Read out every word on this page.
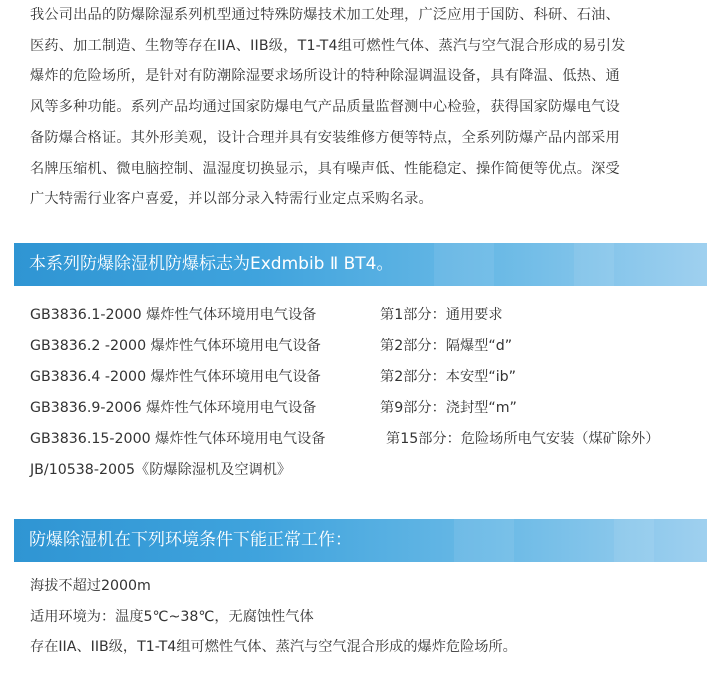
我公司出品的防爆除湿系列机型通过特殊防爆技术加工处理，广泛应用于国防、科研、石油、

医药、加工制造、生物等存在IIA、IIB级，T1-T4组可燃性气体、蒸汽与空气混合形成的易引发

爆炸的危险场所，是针对有防潮除湿要求场所设计的特种除湿调温设备，具有降温、低热、通

风等多种功能。系列产品均通过国家防爆电气产品质量监督测中心检验，获得国家防爆电气设

备防爆合格证。其外形美观，设计合理并具有安装维修方便等特点，全系列防爆产品内部采用

名牌压缩机、微电脑控制、温湿度切换显示，具有噪声低、性能稳定、操作简便等优点。深受

广大特需行业客户喜爱，并以部分录入特需行业定点采购名录。

本系列防爆除湿机防爆标志为Exdmbib Ⅱ BT4。
GB3836.1-2000 爆炸性气体环境用电气设备	第1部分：通用要求
GB3836.2 -2000 爆炸性气体环境用电气设备	第2部分：隔爆型“d”
GB3836.4 -2000 爆炸性气体环境用电气设备	第2部分：本安型“ib”
GB3836.9-2006 爆炸性气体环境用电气设备	第9部分：浇封型“m”
GB3836.15-2000 爆炸性气体环境用电气设备	第15部分：危险场所电气安装（煤矿除外）
JB/10538-2005《防爆除湿机及空调机》
防爆除湿机在下列环境条件下能正常工作：

海拔不超过2000m

适用环境为：温度5℃~38℃，无腐蚀性气体

存在IIA、IIB级，T1-T4组可燃性气体、蒸汽与空气混合形成的爆炸危险场所。
